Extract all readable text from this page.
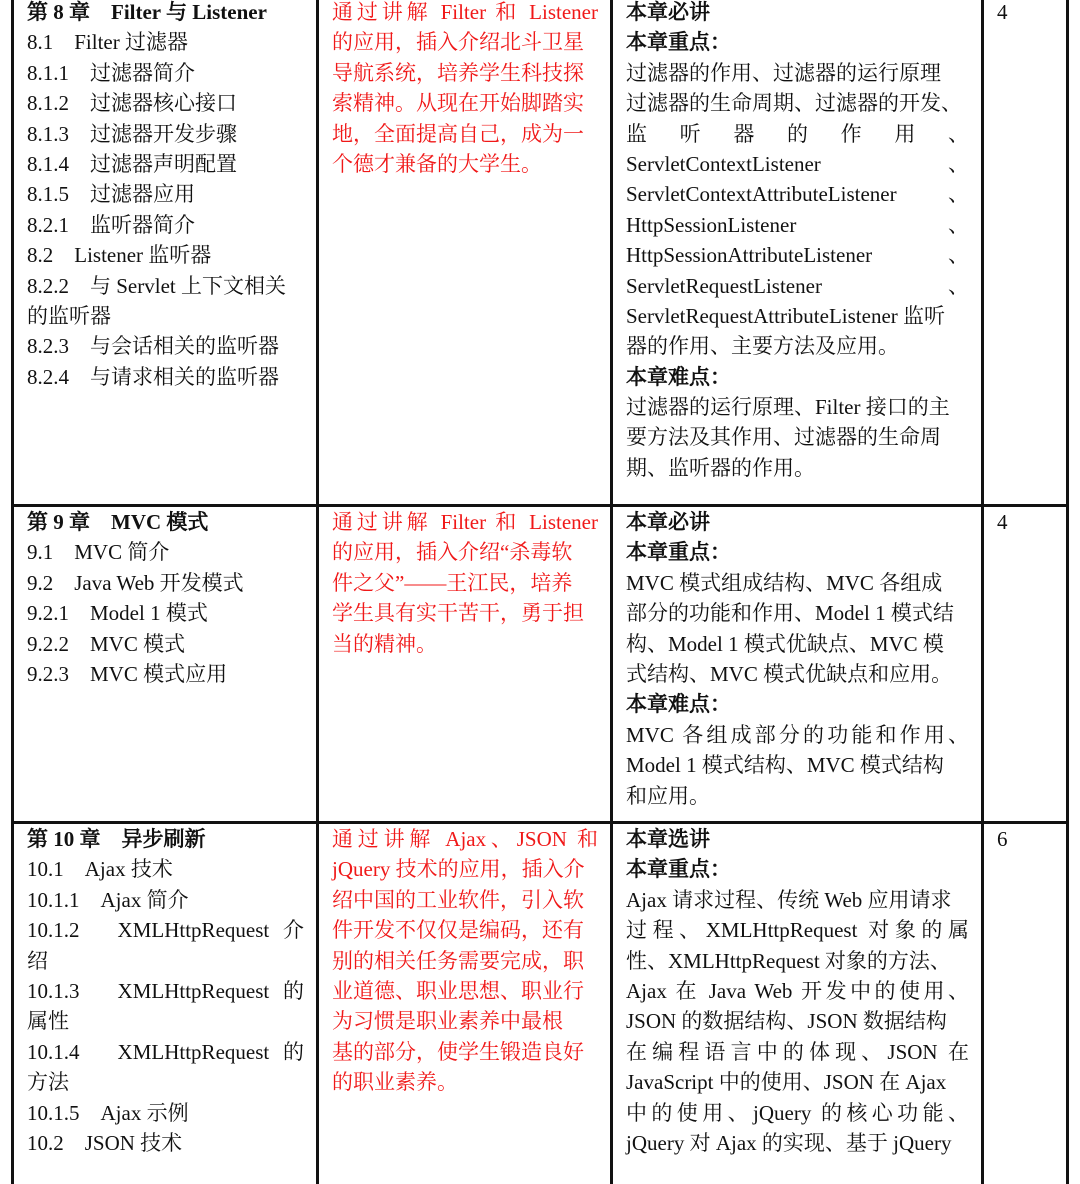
第 8 章　Filter 与 Listener
8.1　Filter 过滤器
8.1.1　过滤器简介
8.1.2　过滤器核心接口
8.1.3　过滤器开发步骤
8.1.4　过滤器声明配置
8.1.5　过滤器应用
8.2.1　监听器简介
8.2　Listener 监听器
8.2.2　与 Servlet 上下文相关
的监听器
8.2.3　与会话相关的监听器
8.2.4　与请求相关的监听器
通过讲解 Filter 和 Listener
的应用，插入介绍北斗卫星
导航系统，培养学生科技探
索精神。从现在开始脚踏实
地，全面提高自己，成为一
个德才兼备的大学生。
本章必讲
本章重点：
过滤器的作用、过滤器的运行原理
过滤器的生命周期、过滤器的开发、
监　听　器　的　作　用　、
ServletContextListener　　　　　、
ServletContextAttributeListener　、
HttpSessionListener　　　　　　、
HttpSessionAttributeListener　　、
ServletRequestListener　　　　　、
ServletRequestAttributeListener 监听
器的作用、主要方法及应用。
本章难点：
过滤器的运行原理、Filter 接口的主
要方法及其作用、过滤器的生命周
期、监听器的作用。
4
第 9 章　MVC 模式
9.1　MVC 简介
9.2　Java Web 开发模式
9.2.1　Model 1 模式
9.2.2　MVC 模式
9.2.3　MVC 模式应用
通过讲解 Filter 和 Listener
的应用，插入介绍“杀毒软
件之父”——王江民，培养
学生具有实干苦干，勇于担
当的精神。
本章必讲
本章重点：
MVC 模式组成结构、MVC 各组成
部分的功能和作用、Model 1 模式结
构、Model 1 模式优缺点、MVC 模
式结构、MVC 模式优缺点和应用。
本章难点：
MVC 各组成部分的功能和作用、
Model 1 模式结构、MVC 模式结构
和应用。
4
第 10 章　异步刷新
10.1　Ajax 技术
10.1.1　Ajax 简介
10.1.2　XMLHttpRequest 介
绍
10.1.3　XMLHttpRequest 的
属性
10.1.4　XMLHttpRequest 的
方法
10.1.5　Ajax 示例
10.2　JSON 技术
通过讲解 Ajax、JSON 和
jQuery 技术的应用，插入介
绍中国的工业软件，引入软
件开发不仅仅是编码，还有
别的相关任务需要完成，职
业道德、职业思想、职业行
为习惯是职业素养中最根
基的部分，使学生锻造良好
的职业素养。
本章选讲
本章重点：
Ajax 请求过程、传统 Web 应用请求
过程、XMLHttpRequest 对象的属
性、XMLHttpRequest 对象的方法、
Ajax 在 Java Web 开发中的使用、
JSON 的数据结构、JSON 数据结构
在编程语言中的体现、JSON 在
JavaScript 中的使用、JSON 在 Ajax
中的使用、jQuery 的核心功能、
jQuery 对 Ajax 的实现、基于 jQuery
6
